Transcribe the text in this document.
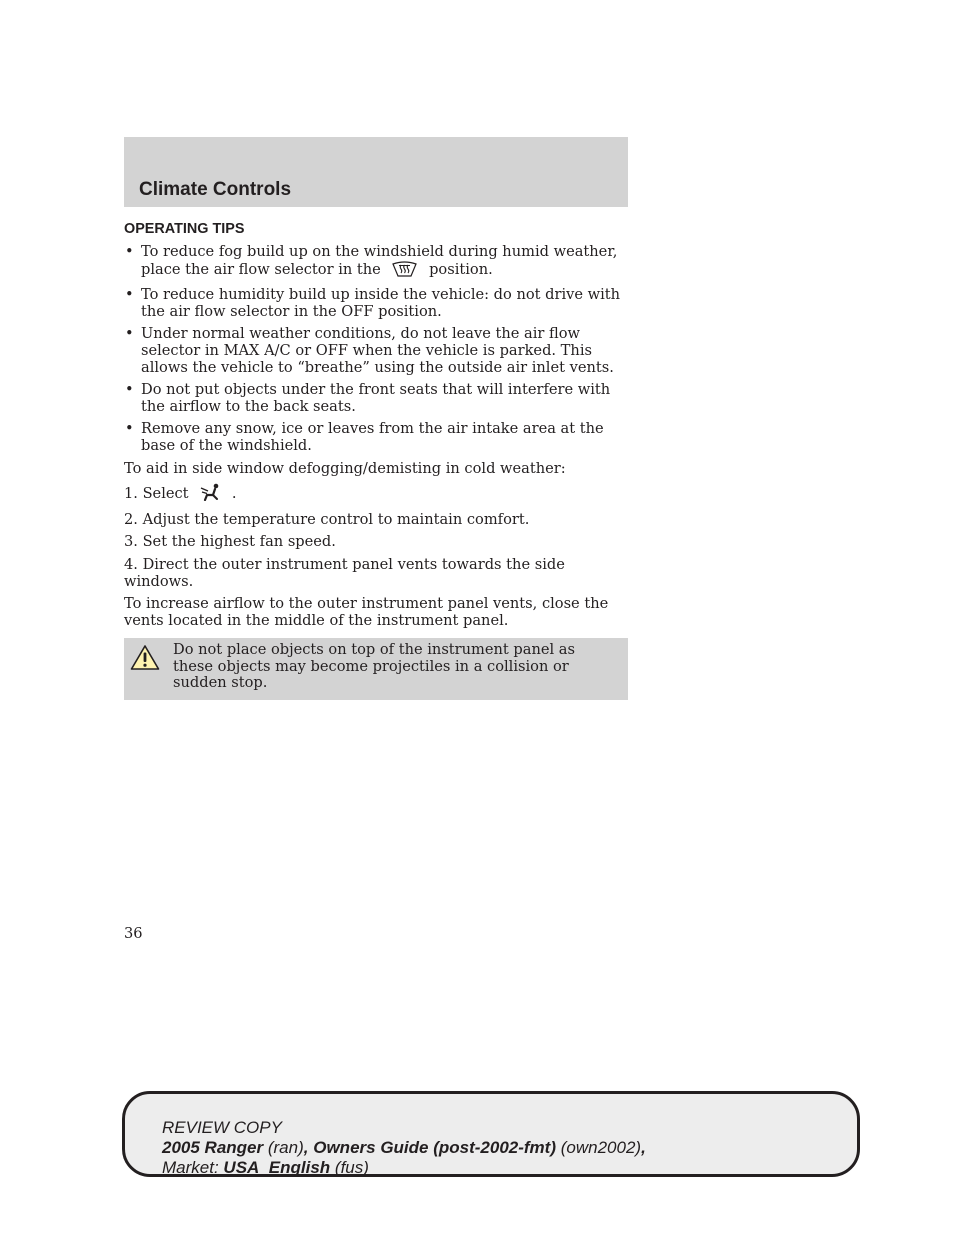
Climate Controls
OPERATING TIPS
• To reduce fog build up on the windshield during humid weather, place the air flow selector in the	position.
• To reduce humidity build up inside the vehicle: do not drive with the air flow selector in the OFF position.
• Under normal weather conditions, do not leave the air flow selector in MAX A/C or OFF when the vehicle is parked. This allows the vehicle to “breathe” using the outside air inlet vents.
• Do not put objects under the front seats that will interfere with the airflow to the back seats.
• Remove any snow, ice or leaves from the air intake area at the base of the windshield.

To aid in side window defogging/demisting in cold weather:

1. Select	.

2. Adjust the temperature control to maintain comfort.

3. Set the highest fan speed.

4. Direct the outer instrument panel vents towards the side windows.

To increase airflow to the outer instrument panel vents, close the vents located in the middle of the instrument panel.

Do not place objects on top of the instrument panel as these objects may become projectiles in a collision or sudden stop.
36
REVIEW COPY
2005 Ranger (ran), Owners Guide (post-2002-fmt) (own2002),
Market: USA_English (fus)
